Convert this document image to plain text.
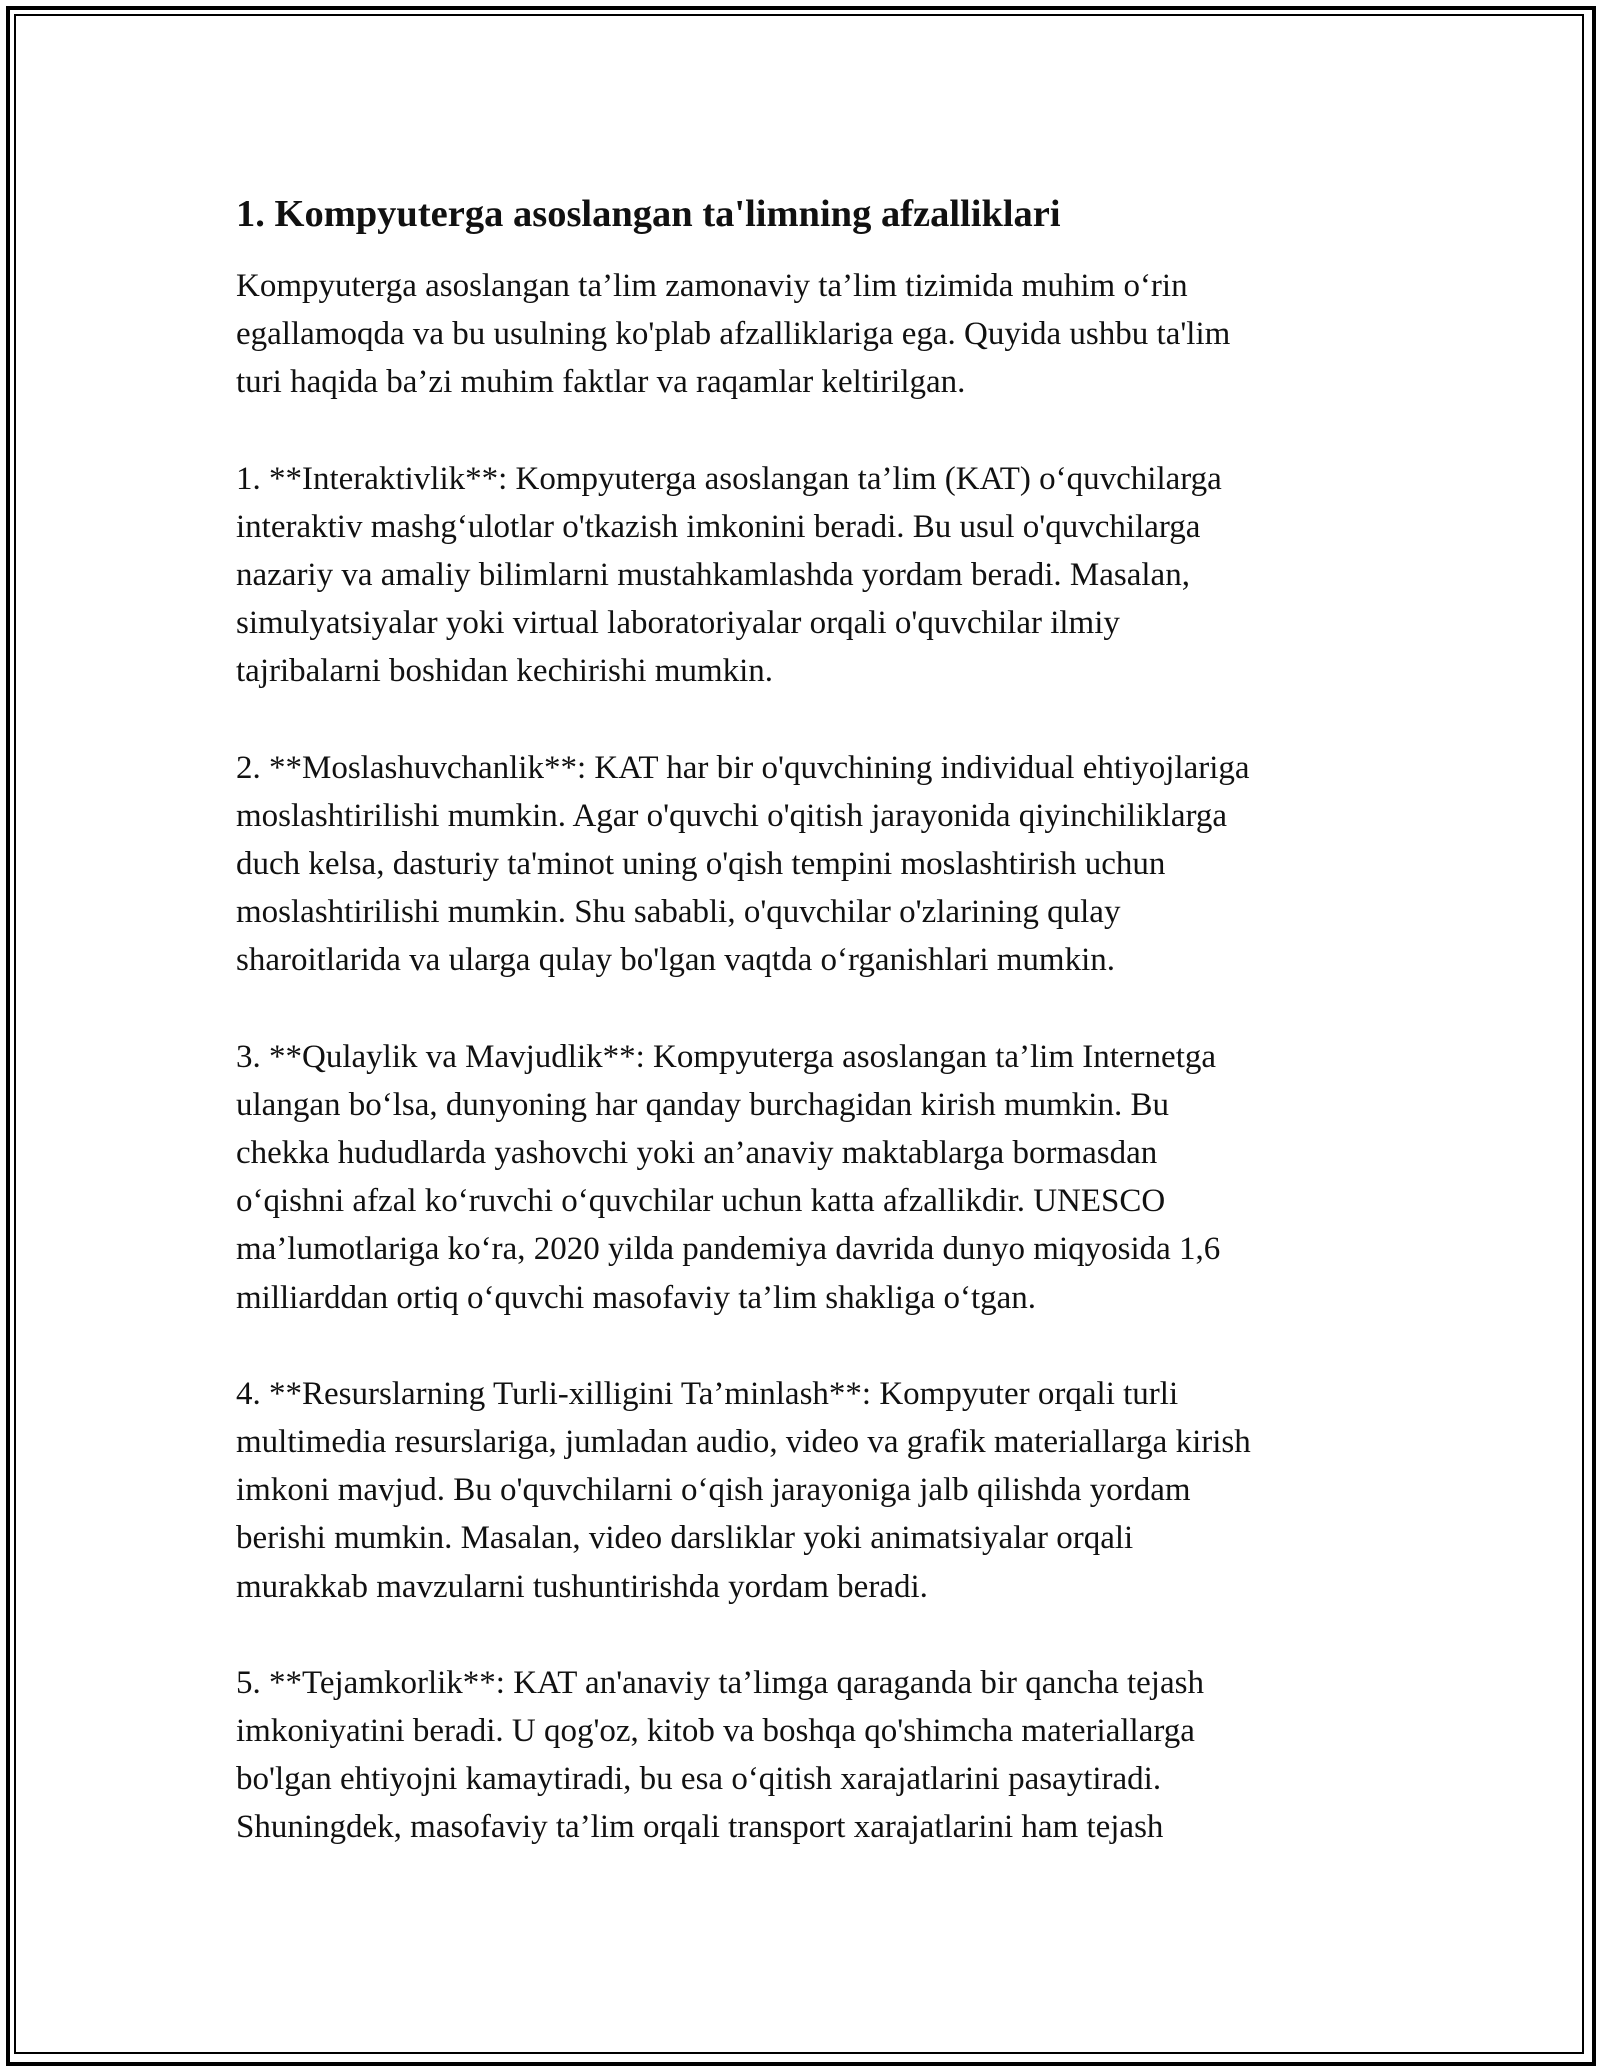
1. Kompyuterga asoslangan ta'limning afzalliklari
Kompyuterga asoslangan ta’lim zamonaviy ta’lim tizimida muhim o‘rin
egallamoqda va bu usulning ko'plab afzalliklariga ega. Quyida ushbu ta'lim
turi haqida ba’zi muhim faktlar va raqamlar keltirilgan.
1. **Interaktivlik**: Kompyuterga asoslangan ta’lim (KAT) o‘quvchilarga
interaktiv mashg‘ulotlar o'tkazish imkonini beradi. Bu usul o'quvchilarga
nazariy va amaliy bilimlarni mustahkamlashda yordam beradi. Masalan,
simulyatsiyalar yoki virtual laboratoriyalar orqali o'quvchilar ilmiy
tajribalarni boshidan kechirishi mumkin.
2. **Moslashuvchanlik**: KAT har bir o'quvchining individual ehtiyojlariga
moslashtirilishi mumkin. Agar o'quvchi o'qitish jarayonida qiyinchiliklarga
duch kelsa, dasturiy ta'minot uning o'qish tempini moslashtirish uchun
moslashtirilishi mumkin. Shu sababli, o'quvchilar o'zlarining qulay
sharoitlarida va ularga qulay bo'lgan vaqtda o‘rganishlari mumkin.
3. **Qulaylik va Mavjudlik**: Kompyuterga asoslangan ta’lim Internetga
ulangan bo‘lsa, dunyoning har qanday burchagidan kirish mumkin. Bu
chekka hududlarda yashovchi yoki an’anaviy maktablarga bormasdan
o‘qishni afzal ko‘ruvchi o‘quvchilar uchun katta afzallikdir. UNESCO
ma’lumotlariga ko‘ra, 2020 yilda pandemiya davrida dunyo miqyosida 1,6
milliarddan ortiq o‘quvchi masofaviy ta’lim shakliga o‘tgan.
4. **Resurslarning Turli-xilligini Ta’minlash**: Kompyuter orqali turli
multimedia resurslariga, jumladan audio, video va grafik materiallarga kirish
imkoni mavjud. Bu o'quvchilarni o‘qish jarayoniga jalb qilishda yordam
berishi mumkin. Masalan, video darsliklar yoki animatsiyalar orqali
murakkab mavzularni tushuntirishda yordam beradi.
5. **Tejamkorlik**: KAT an'anaviy ta’limga qaraganda bir qancha tejash
imkoniyatini beradi. U qog'oz, kitob va boshqa qo'shimcha materiallarga
bo'lgan ehtiyojni kamaytiradi, bu esa o‘qitish xarajatlarini pasaytiradi.
Shuningdek, masofaviy ta’lim orqali transport xarajatlarini ham tejash
